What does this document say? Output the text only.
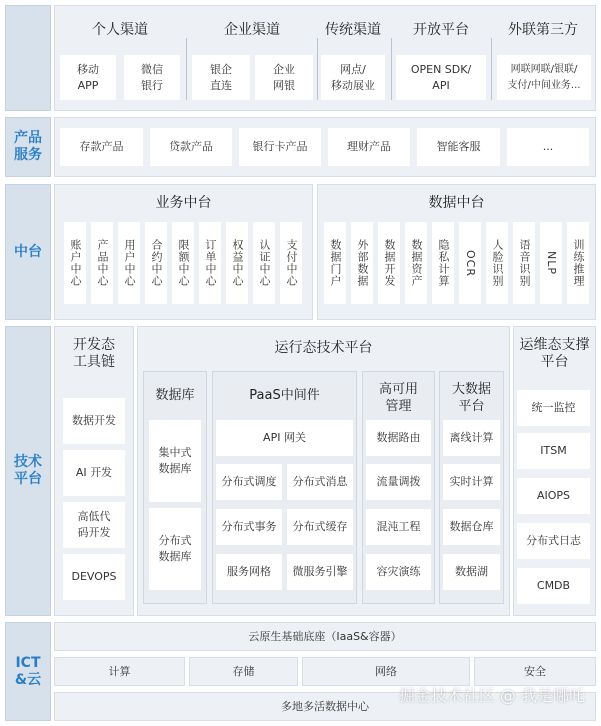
个人渠道
移动
APP
微信
银行
企业渠道
银企
直连
企业
网银
传统渠道
网点/
移动展业
开放平台
OPEN SDK/
API
外联第三方
网联网联/银联/
支付/中间业务...
产品
服务
存款产品	贷款产品	银行卡产品	理财产品	智能客服	...
中台
业务中台
账户中心 产品中心 用户中心 合约中心 限额中心 订单中心 权益中心 认证中心 支付中心
数据中台
数据门户 外部数据 数据开发 数据资产 隐私计算 OCR 人脸识别 语音识别 NLP 训练推理
技术
平台
开发态
工具链
数据开发
AI 开发
高低代
码开发
DEVOPS
运行态技术平台
数据库
集中式
数据库
分布式
数据库
PaaS中间件
API 网关
分布式调度	分布式消息
分布式事务	分布式缓存
服务网格	微服务引擎
高可用
管理
数据路由
流量调拨
混沌工程
容灾演练
大数据
平台
离线计算
实时计算
数据仓库
数据湖
运维态支撑
平台
统一监控
ITSM
AIOPS
分布式日志
CMDB
ICT
&云
云原生基础底座（IaaS&容器）
计算	存储	网络	安全
多地多活数据中心
掘金技术社区 @ 我是哪吒
